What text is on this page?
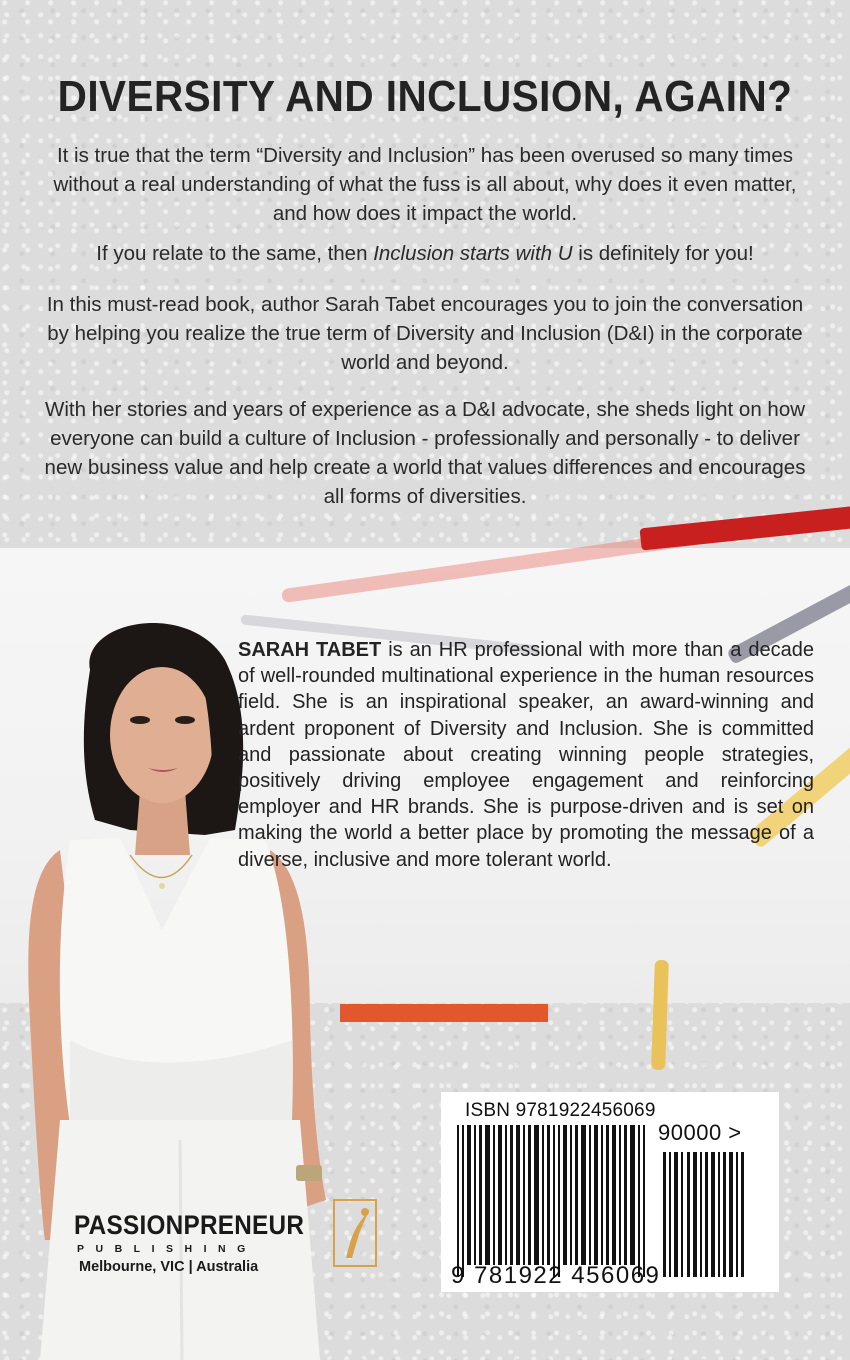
DIVERSITY AND INCLUSION, AGAIN?
It is true that the term “Diversity and Inclusion” has been overused so many times without a real understanding of what the fuss is all about, why does it even matter, and how does it impact the world.
If you relate to the same, then Inclusion starts with U is definitely for you!
In this must-read book, author Sarah Tabet encourages you to join the conversation by helping you realize the true term of Diversity and Inclusion (D&I) in the corporate world and beyond.
With her stories and years of experience as a D&I advocate, she sheds light on how everyone can build a culture of Inclusion - professionally and personally - to deliver new business value and help create a world that values differences and encourages all forms of diversities.
SARAH TABET is an HR professional with more than a decade of well-rounded multinational experience in the human resources field. She is an inspirational speaker, an award-winning and ardent proponent of Diversity and Inclusion. She is committed and passionate about creating winning people strategies, positively driving employee engagement and reinforcing employer and HR brands. She is purpose-driven and is set on making the world a better place by promoting the message of a diverse, inclusive and more tolerant world.
PASSIONPRENEUR
PUBLISHING
Melbourne, VIC | Australia
ISBN 9781922456069
90000 >
9 781922 456069
